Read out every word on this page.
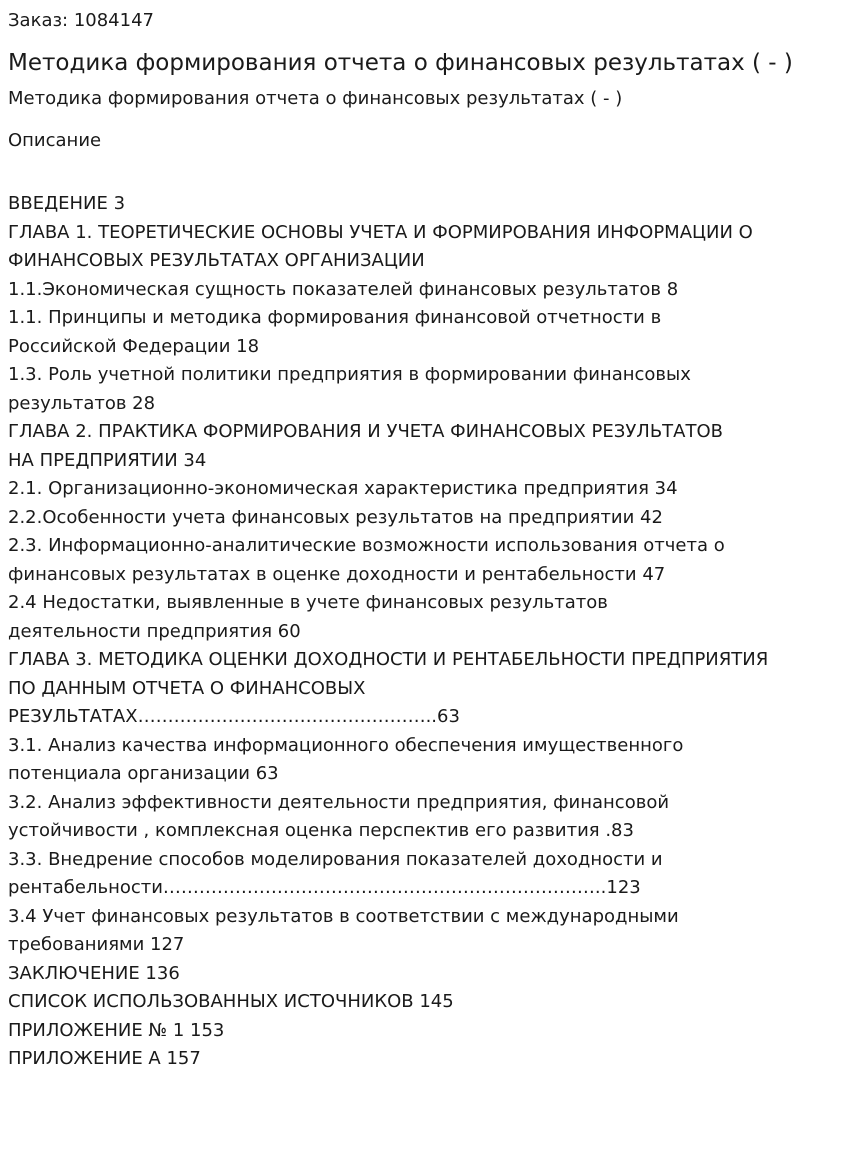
Заказ: 1084147
Методика формирования отчета о финансовых результатах ( - )
Методика формирования отчета о финансовых результатах ( - )
Описание
ВВЕДЕНИЕ 3
ГЛАВА 1. ТЕОРЕТИЧЕСКИЕ ОСНОВЫ УЧЕТА И ФОРМИРОВАНИЯ ИНФОРМАЦИИ О
ФИНАНСОВЫХ РЕЗУЛЬТАТАХ ОРГАНИЗАЦИИ
1.1.Экономическая сущность показателей финансовых результатов 8
1.1. Принципы и методика формирования финансовой отчетности в
Российской Федерации 18
1.3. Роль учетной политики предприятия в формировании финансовых
результатов 28
ГЛАВА 2. ПРАКТИКА ФОРМИРОВАНИЯ И УЧЕТА ФИНАНСОВЫХ РЕЗУЛЬТАТОВ
НА ПРЕДПРИЯТИИ 34
2.1. Организационно-экономическая характеристика предприятия 34
2.2.Особенности учета финансовых результатов на предприятии 42
2.3. Информационно-аналитические возможности использования отчета о
финансовых результатах в оценке доходности и рентабельности 47
2.4 Недостатки, выявленные в учете финансовых результатов
деятельности предприятия 60
ГЛАВА 3. МЕТОДИКА ОЦЕНКИ ДОХОДНОСТИ И РЕНТАБЕЛЬНОСТИ ПРЕДПРИЯТИЯ
ПО ДАННЫМ ОТЧЕТА О ФИНАНСОВЫХ
РЕЗУЛЬТАТАХ…………………………………………..63
3.1. Анализ качества информационного обеспечения имущественного
потенциала организации 63
3.2. Анализ эффективности деятельности предприятия, финансовой
устойчивости , комплексная оценка перспектив его развития .83
3.3. Внедрение способов моделирования показателей доходности и
рентабельности………………………………………………………………..123
3.4 Учет финансовых результатов в соответствии с международными
требованиями 127
ЗАКЛЮЧЕНИЕ 136
СПИСОК ИСПОЛЬЗОВАННЫХ ИСТОЧНИКОВ 145
ПРИЛОЖЕНИЕ № 1 153
ПРИЛОЖЕНИЕ А 157
